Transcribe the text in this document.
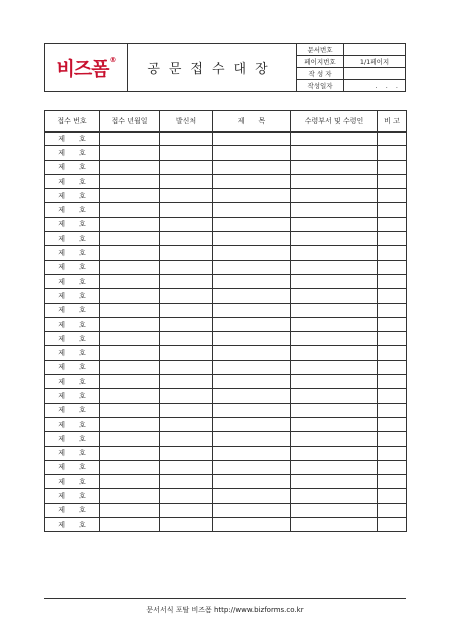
비즈폼®
공문접수대장
문서번호
페이지번호	1/1페이지
작 성 자
작성일자	. . .
접수 번호	접수 년월일	발신처	제　　목	수령부서 및 수령인	비 고
제 호					
제 호					
제 호					
제 호					
제 호					
제 호					
제 호					
제 호					
제 호					
제 호					
제 호					
제 호					
제 호					
제 호					
제 호					
제 호					
제 호					
제 호					
제 호					
제 호					
제 호					
제 호					
제 호					
제 호					
제 호					
제 호					
제 호					
제 호					
문서서식 포탈 비즈폼 http://www.bizforms.co.kr
